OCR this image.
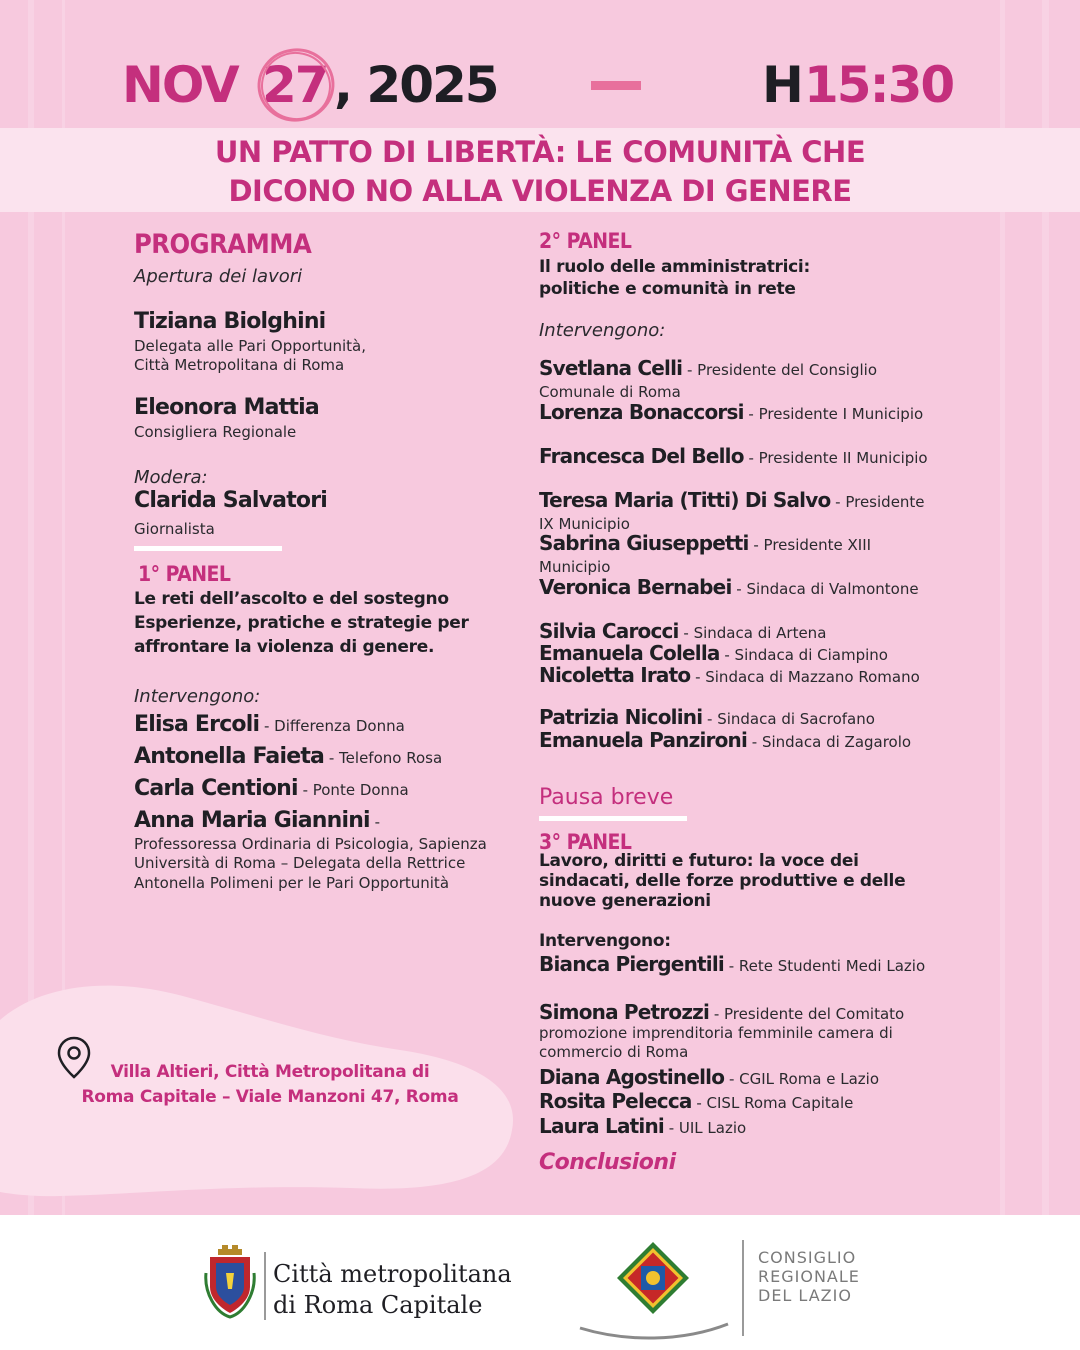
NOV 27 , 2025	H 15:30
UN PATTO DI LIBERTÀ: LE COMUNITÀ CHE
DICONO NO ALLA VIOLENZA DI GENERE
PROGRAMMA
Apertura dei lavori
Tiziana Biolghini
Delegata alle Pari Opportunità,
Città Metropolitana di Roma
Eleonora Mattia
Consigliera Regionale
Modera:
Clarida Salvatori
Giornalista
1° PANEL
Le reti dell’ascolto e del sostegno
Esperienze, pratiche e strategie per
affrontare la violenza di genere.
Intervengono:
Elisa Ercoli - Differenza Donna
Antonella Faieta - Telefono Rosa
Carla Centioni - Ponte Donna
Anna Maria Giannini -
Professoressa Ordinaria di Psicologia, Sapienza
Università di Roma – Delegata della Rettrice
Antonella Polimeni per le Pari Opportunità
2° PANEL
Il ruolo delle amministratrici:
politiche e comunità in rete
Intervengono:
Svetlana Celli - Presidente del Consiglio Comunale di Roma
Lorenza Bonaccorsi - Presidente I Municipio
Francesca Del Bello - Presidente II Municipio
Teresa Maria (Titti) Di Salvo - Presidente IX Municipio
Sabrina Giuseppetti - Presidente XIII Municipio
Veronica Bernabei - Sindaca di Valmontone
Silvia Carocci - Sindaca di Artena
Emanuela Colella - Sindaca di Ciampino
Nicoletta Irato - Sindaca di Mazzano Romano
Patrizia Nicolini - Sindaca di Sacrofano
Emanuela Panzironi - Sindaca di Zagarolo
Pausa breve
3° PANEL
Lavoro, diritti e futuro: la voce dei
sindacati, delle forze produttive e delle
nuove generazioni
Intervengono:
Bianca Piergentili - Rete Studenti Medi Lazio
Simona Petrozzi - Presidente del Comitato promozione imprenditoria femminile camera di commercio di Roma
Diana Agostinello - CGIL Roma e Lazio
Rosita Pelecca - CISL Roma Capitale
Laura Latini - UIL Lazio
Conclusioni
Villa Altieri, Città Metropolitana di
Roma Capitale – Viale Manzoni 47, Roma
Città metropolitana
di Roma Capitale
CONSIGLIO
REGIONALE
DEL LAZIO
